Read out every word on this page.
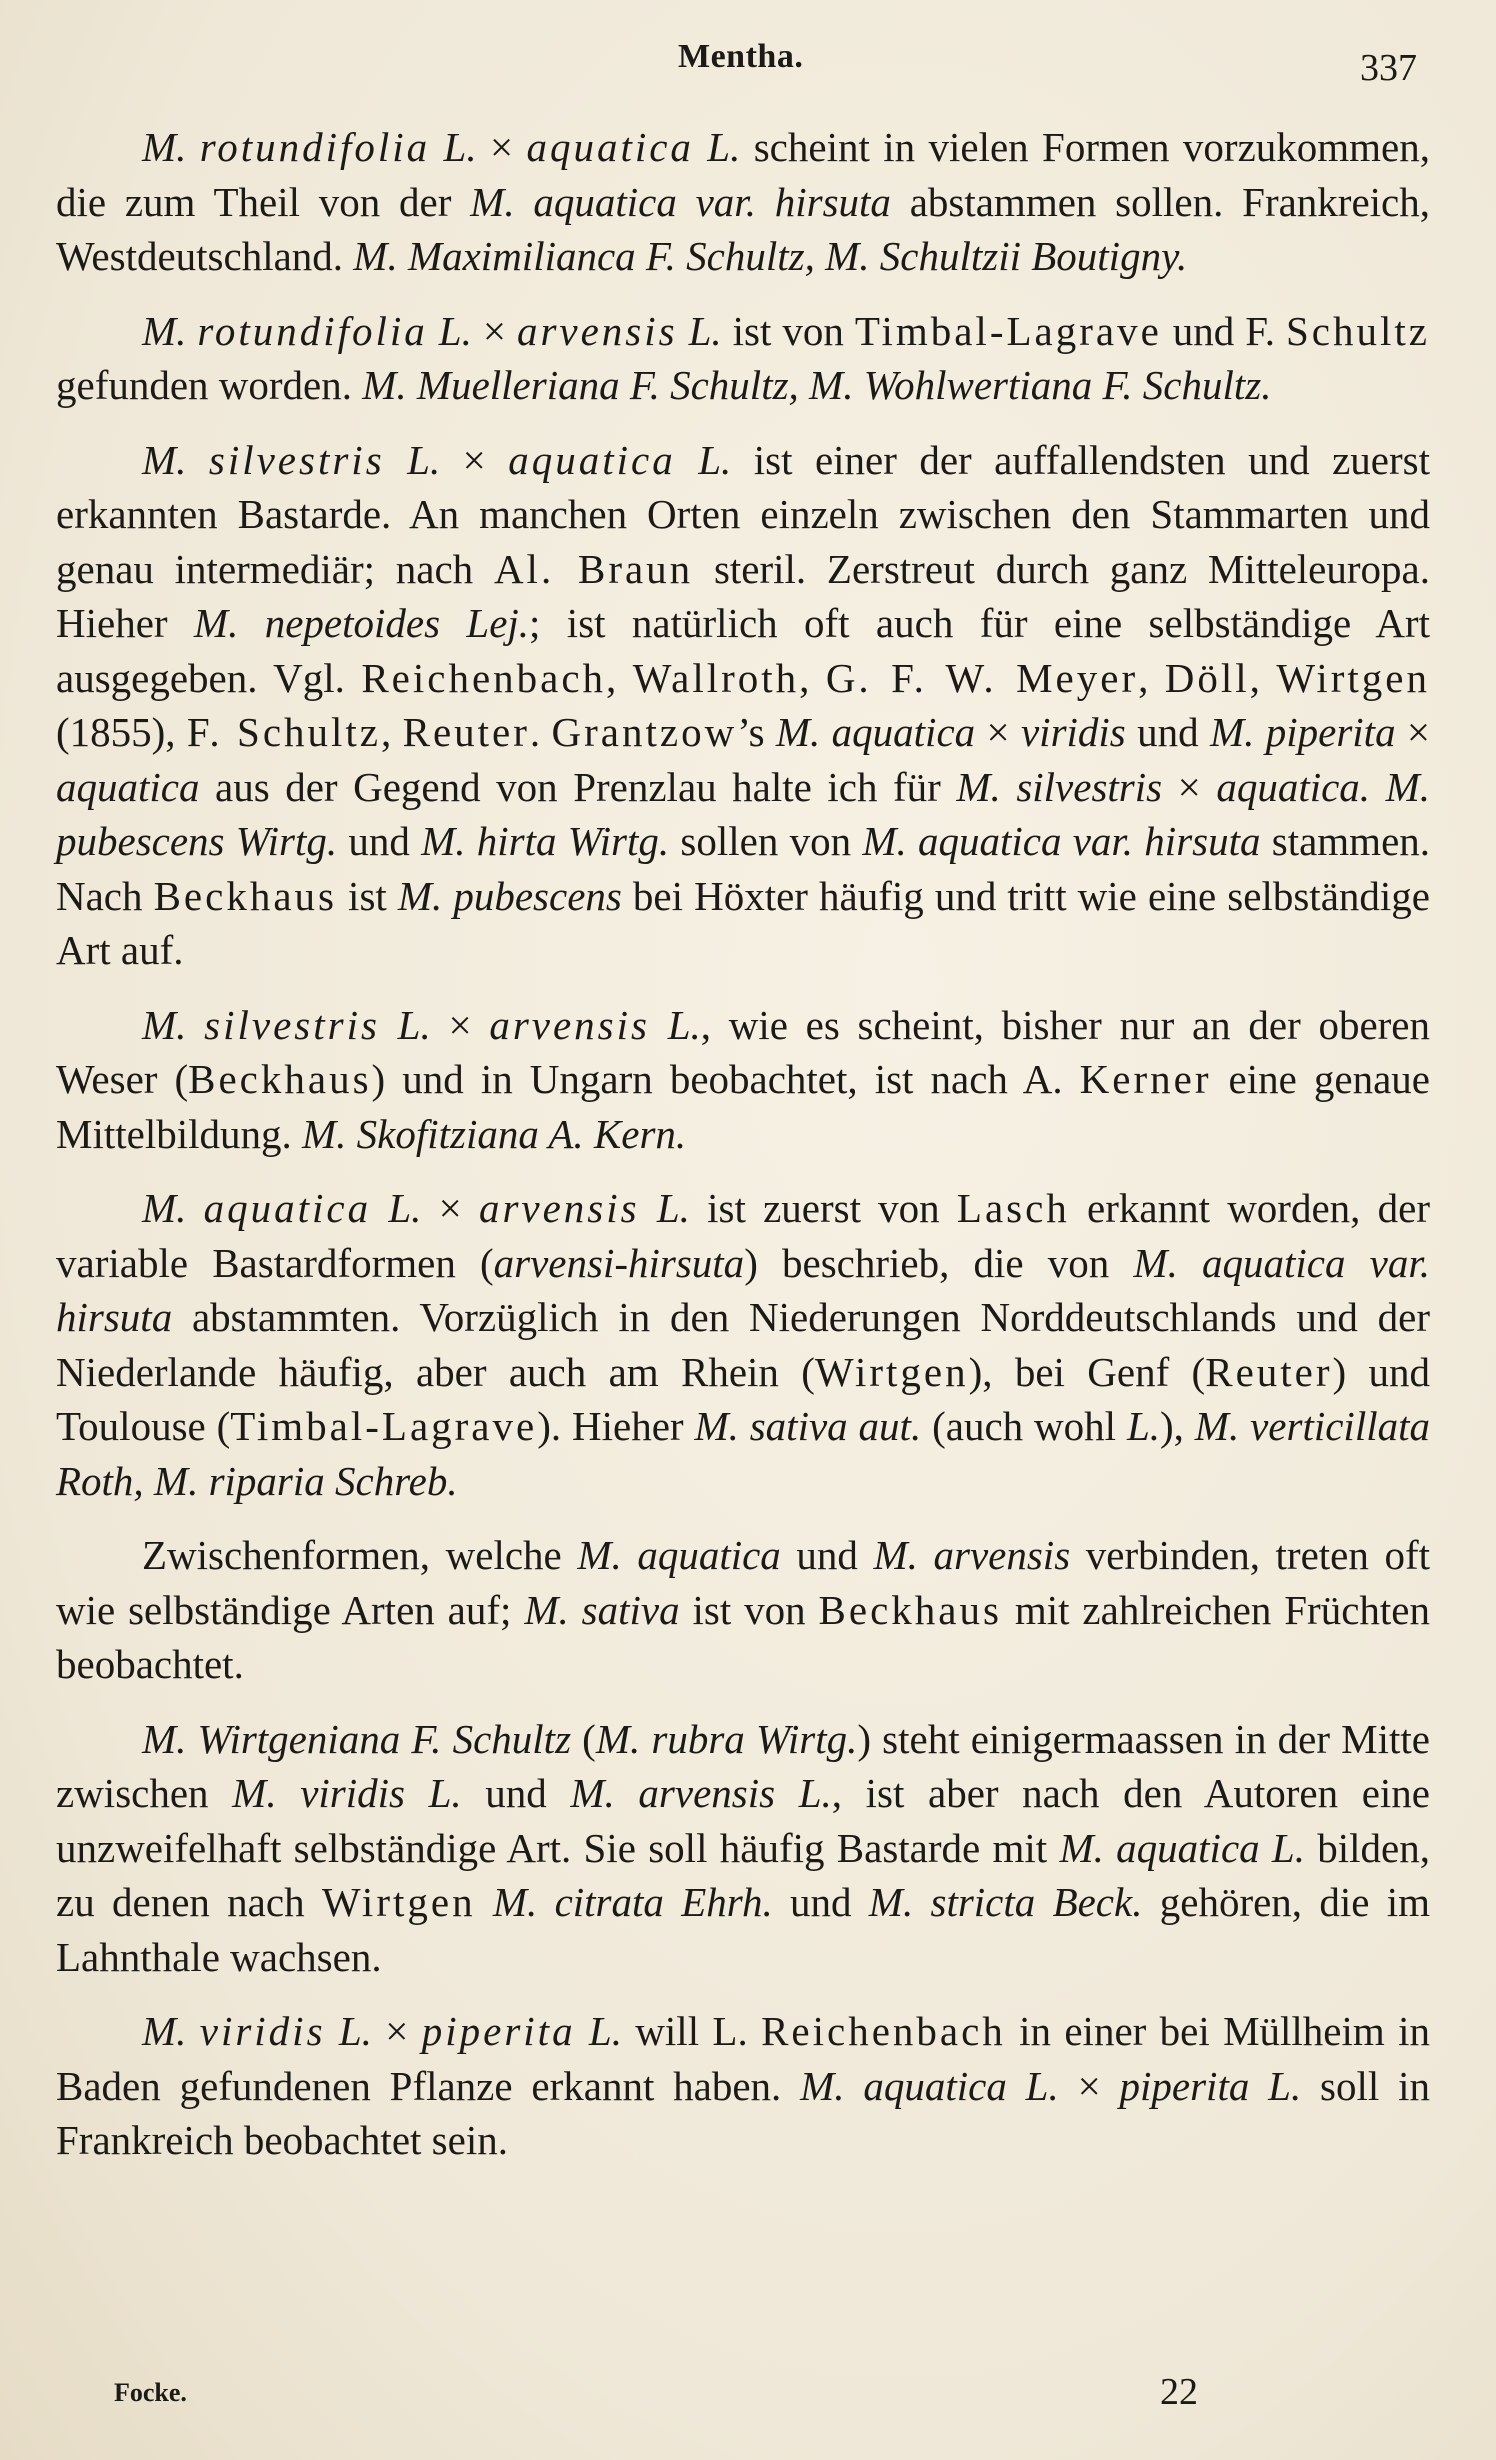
Mentha.	337

M. rotundifolia L. × aquatica L. scheint in vielen Formen vorzukommen, die zum Theil von der M. aquatica var. hirsuta abstammen sollen. Frankreich, Westdeutschland. M. Maximilianca F. Schultz, M. Schultzii Boutigny.

M. rotundifolia L. × arvensis L. ist von Timbal-Lagrave und F. Schultz gefunden worden. M. Muelleriana F. Schultz, M. Wohlwertiana F. Schultz.

M. silvestris L. × aquatica L. ist einer der auffallendsten und zuerst erkannten Bastarde. An manchen Orten einzeln zwischen den Stammarten und genau intermediär; nach Al. Braun steril. Zerstreut durch ganz Mitteleuropa. Hieher M. nepetoides Lej.; ist natürlich oft auch für eine selbständige Art ausgegeben. Vgl. Reichenbach, Wallroth, G. F. W. Meyer, Döll, Wirtgen (1855), F. Schultz, Reuter. Grantzow’s M. aquatica × viridis und M. piperita × aquatica aus der Gegend von Prenzlau halte ich für M. silvestris × aquatica. M. pubescens Wirtg. und M. hirta Wirtg. sollen von M. aquatica var. hirsuta stammen. Nach Beckhaus ist M. pubescens bei Höxter häufig und tritt wie eine selbständige Art auf.

M. silvestris L. × arvensis L., wie es scheint, bisher nur an der oberen Weser (Beckhaus) und in Ungarn beobachtet, ist nach A. Kerner eine genaue Mittelbildung. M. Skofitziana A. Kern.

M. aquatica L. × arvensis L. ist zuerst von Lasch erkannt worden, der variable Bastardformen (arvensi-hirsuta) beschrieb, die von M. aquatica var. hirsuta abstammten. Vorzüglich in den Niederungen Norddeutschlands und der Niederlande häufig, aber auch am Rhein (Wirtgen), bei Genf (Reuter) und Toulouse (Timbal-Lagrave). Hieher M. sativa aut. (auch wohl L.), M. verticillata Roth, M. riparia Schreb.

Zwischenformen, welche M. aquatica und M. arvensis verbinden, treten oft wie selbständige Arten auf; M. sativa ist von Beckhaus mit zahlreichen Früchten beobachtet.

M. Wirtgeniana F. Schultz (M. rubra Wirtg.) steht einigermaassen in der Mitte zwischen M. viridis L. und M. arvensis L., ist aber nach den Autoren eine unzweifelhaft selbständige Art. Sie soll häufig Bastarde mit M. aquatica L. bilden, zu denen nach Wirtgen M. citrata Ehrh. und M. stricta Beck. gehören, die im Lahnthale wachsen.

M. viridis L. × piperita L. will L. Reichenbach in einer bei Müllheim in Baden gefundenen Pflanze erkannt haben. M. aquatica L. × piperita L. soll in Frankreich beobachtet sein.

Focke.	22
